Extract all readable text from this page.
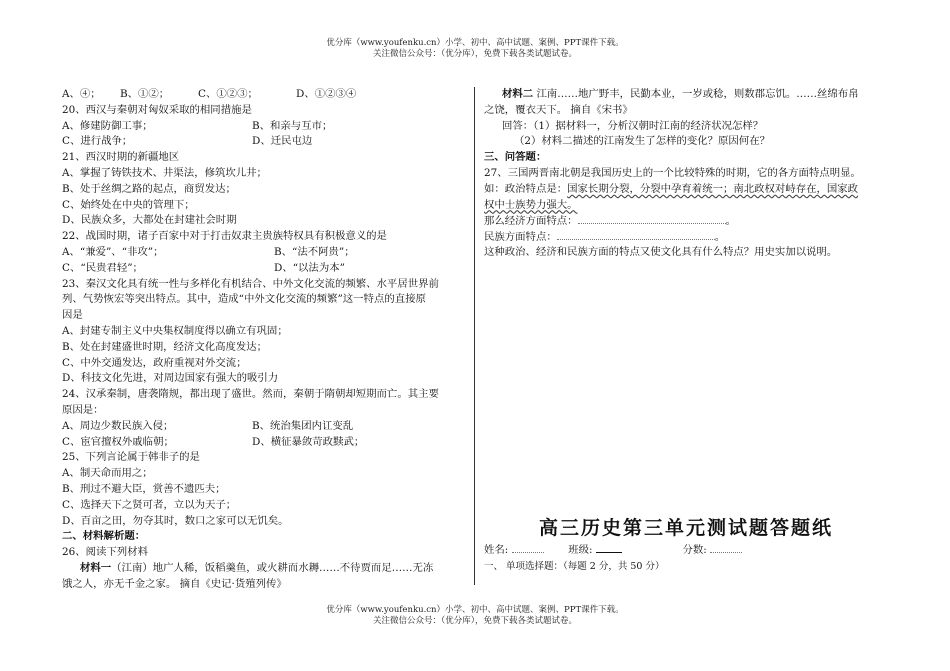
优分库（www.youfenku.cn）小学、初中、高中试题、案例、PPT课件下载。
关注微信公众号：（优分库），免费下载各类试题试卷。
A、④； B、①②；	C、①②③；	D、①②③④
20、西汉与秦朝对匈奴采取的相同措施是
A、修建防御工事；	B、和亲与互市；
C、进行战争；	D、迁民屯边
21、西汉时期的新疆地区
A、掌握了铸铁技术、井渠法，修筑坎儿井；
B、处于丝绸之路的起点，商贸发达；
C、始终处在中央的管理下；
D、民族众多，大都处在封建社会时期
22、战国时期，诸子百家中对于打击奴隶主贵族特权具有积极意义的是
A、“兼爱”、“非攻”；	B、“法不阿贵”；
C、“民贵君轻”；	D、“以法为本”
23、秦汉文化具有统一性与多样化有机结合、中外文化交流的频繁、水平居世界前
列、气势恢宏等突出特点。其中，造成“中外文化交流的频繁”这一特点的直接原
因是
A、封建专制主义中央集权制度得以确立有巩固；
B、处在封建盛世时期，经济文化高度发达；
C、中外交通发达，政府重视对外交流；
D、科技文化先进，对周边国家有强大的吸引力
24、汉承秦制，唐袭隋规，都出现了盛世。然而，秦朝于隋朝却短期而亡。其主要
原因是：
A、周边少数民族入侵；	B、统治集团内讧变乱
C、宦官擅权外戚临朝；	D、横征暴敛苛政黩武；
25、下列言论属于韩非子的是
A、制天命而用之；
B、刑过不避大臣，赏善不遗匹夫；
C、选择天下之贤可者，立以为天子；
D、百亩之田，勿夺其时，数口之家可以无饥矣。
二、材料解析题：
26、阅读下列材料
材料一（江南）地广人稀，饭稻羹鱼，或火耕而水耨……不待贾而足……无冻
饿之人，亦无千金之家。 摘自《史记·货殖列传》
材料二 江南……地广野丰，民勤本业，一岁或稔，则数郡忘饥。……丝绵布帛
之饶，覆衣天下。 摘自《宋书》
回答：（1）据材料一，分析汉朝时江南的经济状况怎样？
（2）材料二描述的江南发生了怎样的变化？原因何在？
三、问答题：
27、三国两晋南北朝是我国历史上的一个比较特殊的时期，它的各方面特点明显。
如：政治特点是：国家长期分裂，分裂中孕育着统一；南北政权对峙存在，国家政
权中士族势力强大。
那么经济方面特点：	。
民族方面特点：	。
这种政治、经济和民族方面的特点又使文化具有什么特点？用史实加以说明。
高三历史第三单元测试题答题纸
姓名:	班级:	分数:
一、 单项选择题：（每题 2 分，共 50 分）
优分库（www.youfenku.cn）小学、初中、高中试题、案例、PPT课件下载。
关注微信公众号：（优分库），免费下载各类试题试卷。
